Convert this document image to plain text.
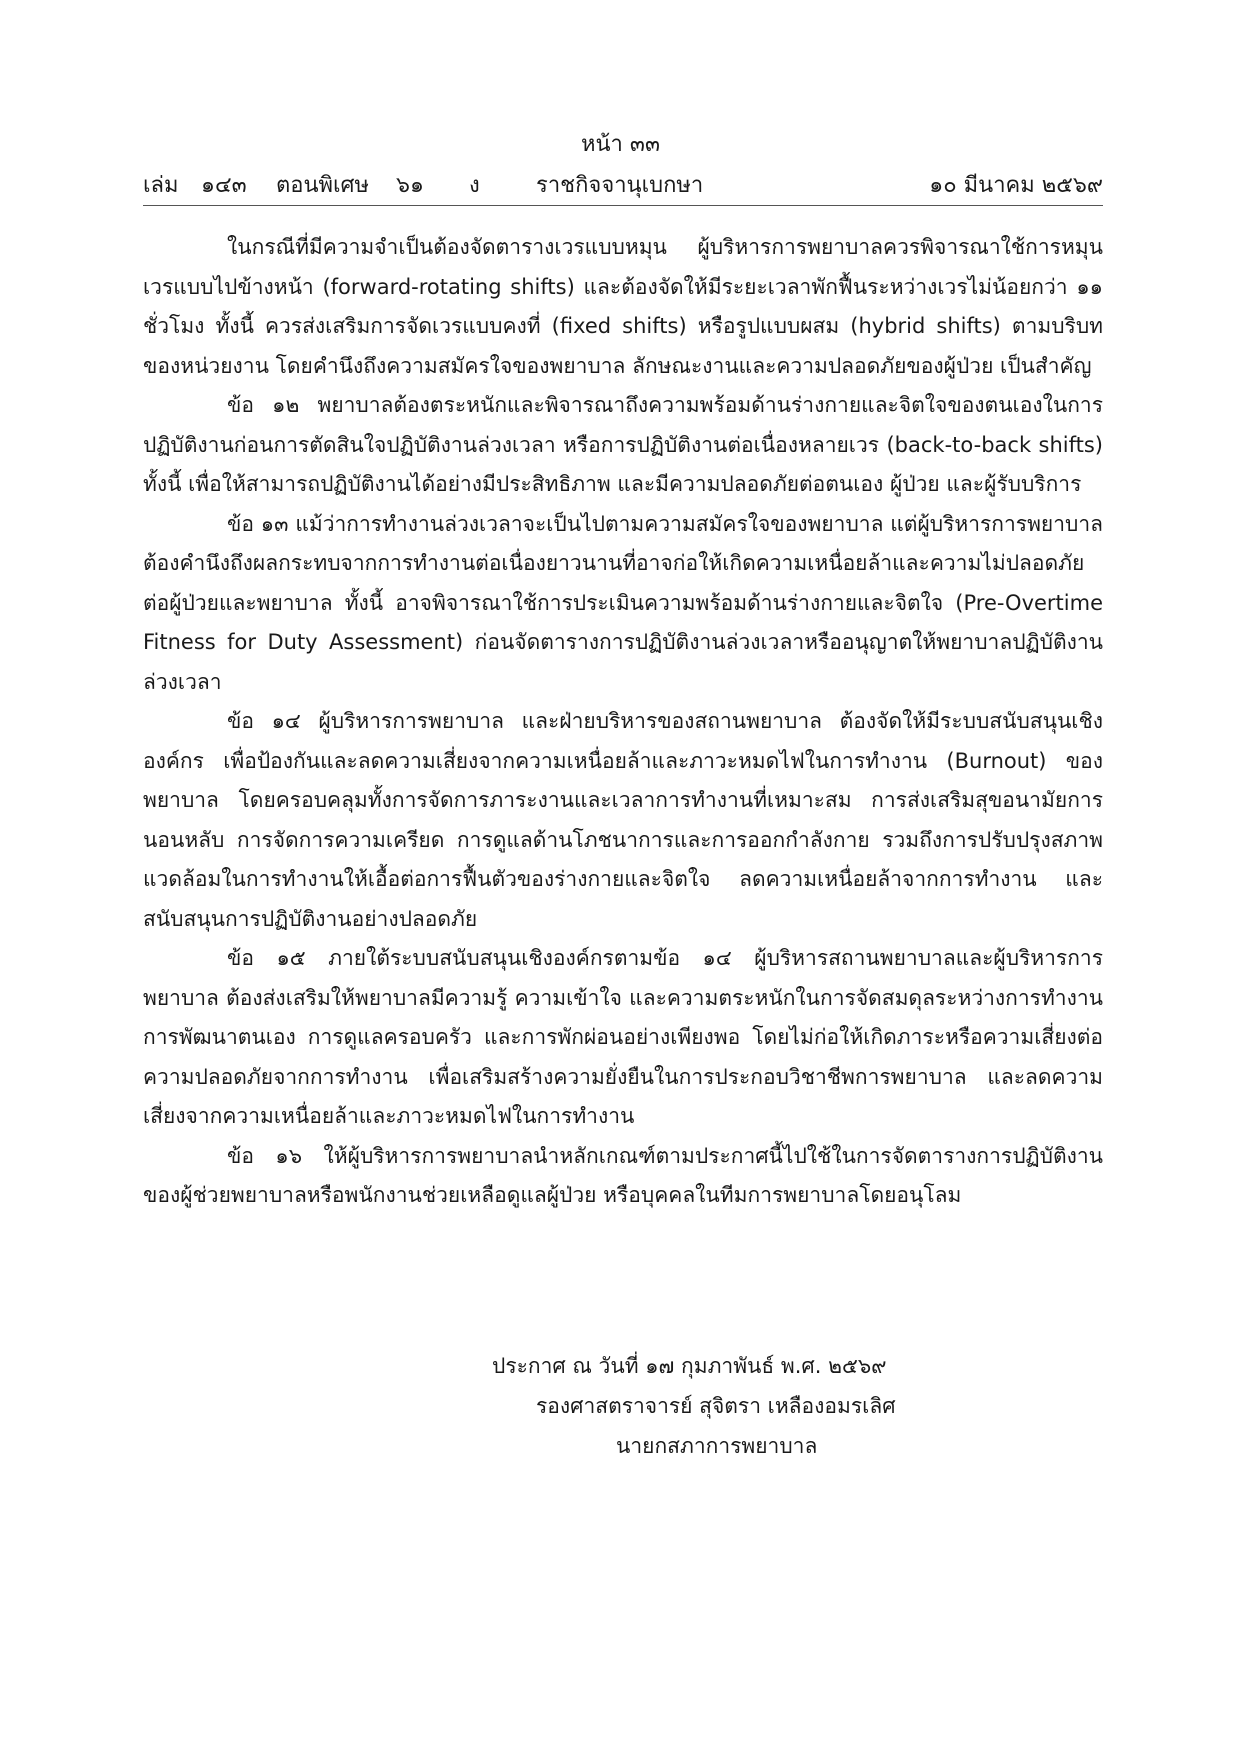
หน้า ๓๓
เล่ม ๑๔๓ ตอนพิเศษ ๖๑ ง	ราชกิจจานุเบกษา	๑๐ มีนาคม ๒๕๖๙

ในกรณีที่มีความจำเป็นต้องจัดตารางเวรแบบหมุน ผู้บริหารการพยาบาลควรพิจารณาใช้การหมุนเวรแบบไปข้างหน้า (forward-rotating shifts) และต้องจัดให้มีระยะเวลาพักฟื้นระหว่างเวรไม่น้อยกว่า ๑๑ ชั่วโมง ทั้งนี้ ควรส่งเสริมการจัดเวรแบบคงที่ (fixed shifts) หรือรูปแบบผสม (hybrid shifts) ตามบริบทของหน่วยงาน โดยคำนึงถึงความสมัครใจของพยาบาล ลักษณะงานและความปลอดภัยของผู้ป่วย เป็นสำคัญ

ข้อ ๑๒ พยาบาลต้องตระหนักและพิจารณาถึงความพร้อมด้านร่างกายและจิตใจของตนเองในการปฏิบัติงานก่อนการตัดสินใจปฏิบัติงานล่วงเวลา หรือการปฏิบัติงานต่อเนื่องหลายเวร (back-to-back shifts) ทั้งนี้ เพื่อให้สามารถปฏิบัติงานได้อย่างมีประสิทธิภาพ และมีความปลอดภัยต่อตนเอง ผู้ป่วย และผู้รับบริการ

ข้อ ๑๓ แม้ว่าการทำงานล่วงเวลาจะเป็นไปตามความสมัครใจของพยาบาล แต่ผู้บริหารการพยาบาล ต้องคำนึงถึงผลกระทบจากการทำงานต่อเนื่องยาวนานที่อาจก่อให้เกิดความเหนื่อยล้าและความไม่ปลอดภัยต่อผู้ป่วยและพยาบาล ทั้งนี้ อาจพิจารณาใช้การประเมินความพร้อมด้านร่างกายและจิตใจ (Pre-Overtime Fitness for Duty Assessment) ก่อนจัดตารางการปฏิบัติงานล่วงเวลาหรืออนุญาตให้พยาบาลปฏิบัติงานล่วงเวลา

ข้อ ๑๔ ผู้บริหารการพยาบาล และฝ่ายบริหารของสถานพยาบาล ต้องจัดให้มีระบบสนับสนุนเชิงองค์กร เพื่อป้องกันและลดความเสี่ยงจากความเหนื่อยล้าและภาวะหมดไฟในการทำงาน (Burnout) ของพยาบาล โดยครอบคลุมทั้งการจัดการภาระงานและเวลาการทำงานที่เหมาะสม การส่งเสริมสุขอนามัยการนอนหลับ การจัดการความเครียด การดูแลด้านโภชนาการและการออกกำลังกาย รวมถึงการปรับปรุงสภาพแวดล้อมในการทำงานให้เอื้อต่อการฟื้นตัวของร่างกายและจิตใจ ลดความเหนื่อยล้าจากการทำงาน และสนับสนุนการปฏิบัติงานอย่างปลอดภัย

ข้อ ๑๕ ภายใต้ระบบสนับสนุนเชิงองค์กรตามข้อ ๑๔ ผู้บริหารสถานพยาบาลและผู้บริหารการพยาบาล ต้องส่งเสริมให้พยาบาลมีความรู้ ความเข้าใจ และความตระหนักในการจัดสมดุลระหว่างการทำงาน การพัฒนาตนเอง การดูแลครอบครัว และการพักผ่อนอย่างเพียงพอ โดยไม่ก่อให้เกิดภาระหรือความเสี่ยงต่อความปลอดภัยจากการทำงาน เพื่อเสริมสร้างความยั่งยืนในการประกอบวิชาชีพการพยาบาล และลดความเสี่ยงจากความเหนื่อยล้าและภาวะหมดไฟในการทำงาน

ข้อ ๑๖ ให้ผู้บริหารการพยาบาลนำหลักเกณฑ์ตามประกาศนี้ไปใช้ในการจัดตารางการปฏิบัติงานของผู้ช่วยพยาบาลหรือพนักงานช่วยเหลือดูแลผู้ป่วย หรือบุคคลในทีมการพยาบาลโดยอนุโลม

ประกาศ ณ วันที่ ๑๗ กุมภาพันธ์ พ.ศ. ๒๕๖๙
รองศาสตราจารย์ สุจิตรา เหลืองอมรเลิศ
นายกสภาการพยาบาล
